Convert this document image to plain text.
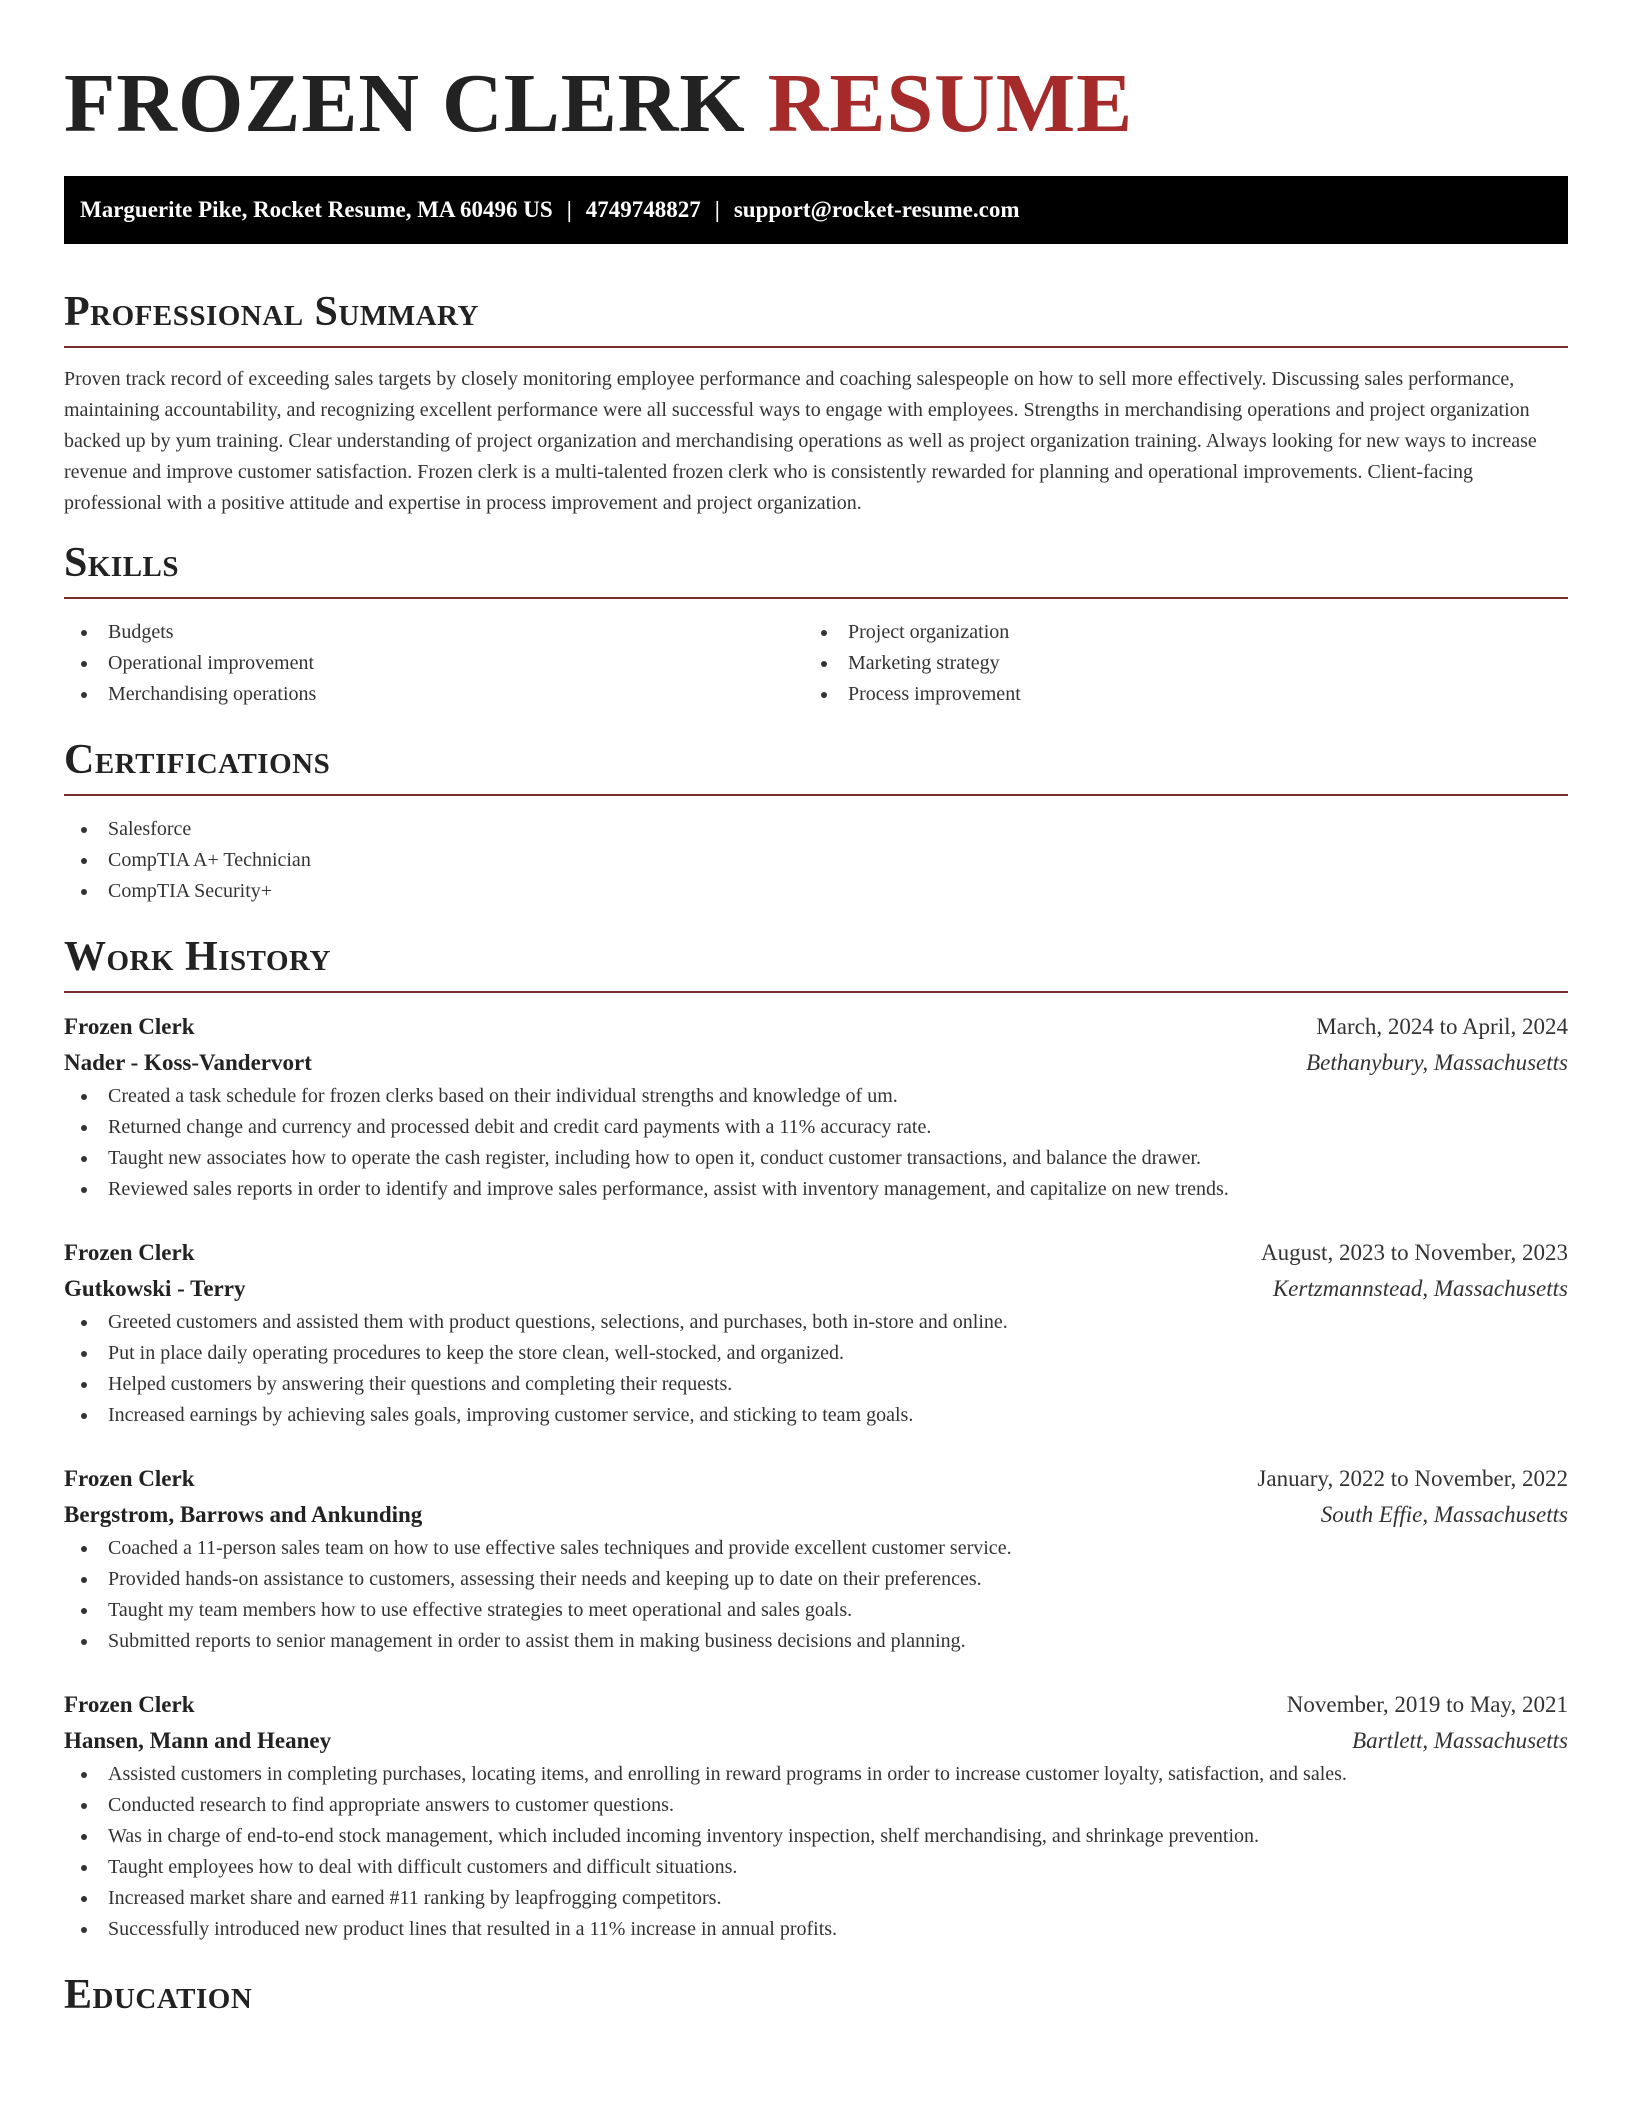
FROZEN CLERK RESUME
Marguerite Pike, Rocket Resume, MA 60496 US | 4749748827 | support@rocket-resume.com
Professional Summary

Proven track record of exceeding sales targets by closely monitoring employee performance and coaching salespeople on how to sell more effectively. Discussing sales performance, maintaining accountability, and recognizing excellent performance were all successful ways to engage with employees. Strengths in merchandising operations and project organization backed up by yum training. Clear understanding of project organization and merchandising operations as well as project organization training. Always looking for new ways to increase revenue and improve customer satisfaction. Frozen clerk is a multi-talented frozen clerk who is consistently rewarded for planning and operational improvements. Client-facing professional with a positive attitude and expertise in process improvement and project organization.

Skills
Budgets
Operational improvement
Merchandising operations
Project organization
Marketing strategy
Process improvement
Certifications
Salesforce
CompTIA A+ Technician
CompTIA Security+
Work History
Frozen Clerk	March, 2024 to April, 2024
Nader - Koss-Vandervort	Bethanybury, Massachusetts
Created a task schedule for frozen clerks based on their individual strengths and knowledge of um.
Returned change and currency and processed debit and credit card payments with a 11% accuracy rate.
Taught new associates how to operate the cash register, including how to open it, conduct customer transactions, and balance the drawer.
Reviewed sales reports in order to identify and improve sales performance, assist with inventory management, and capitalize on new trends.
Frozen Clerk	August, 2023 to November, 2023
Gutkowski - Terry	Kertzmannstead, Massachusetts
Greeted customers and assisted them with product questions, selections, and purchases, both in-store and online.
Put in place daily operating procedures to keep the store clean, well-stocked, and organized.
Helped customers by answering their questions and completing their requests.
Increased earnings by achieving sales goals, improving customer service, and sticking to team goals.
Frozen Clerk	January, 2022 to November, 2022
Bergstrom, Barrows and Ankunding	South Effie, Massachusetts
Coached a 11-person sales team on how to use effective sales techniques and provide excellent customer service.
Provided hands-on assistance to customers, assessing their needs and keeping up to date on their preferences.
Taught my team members how to use effective strategies to meet operational and sales goals.
Submitted reports to senior management in order to assist them in making business decisions and planning.
Frozen Clerk	November, 2019 to May, 2021
Hansen, Mann and Heaney	Bartlett, Massachusetts
Assisted customers in completing purchases, locating items, and enrolling in reward programs in order to increase customer loyalty, satisfaction, and sales.
Conducted research to find appropriate answers to customer questions.
Was in charge of end-to-end stock management, which included incoming inventory inspection, shelf merchandising, and shrinkage prevention.
Taught employees how to deal with difficult customers and difficult situations.
Increased market share and earned #11 ranking by leapfrogging competitors.
Successfully introduced new product lines that resulted in a 11% increase in annual profits.
Education
